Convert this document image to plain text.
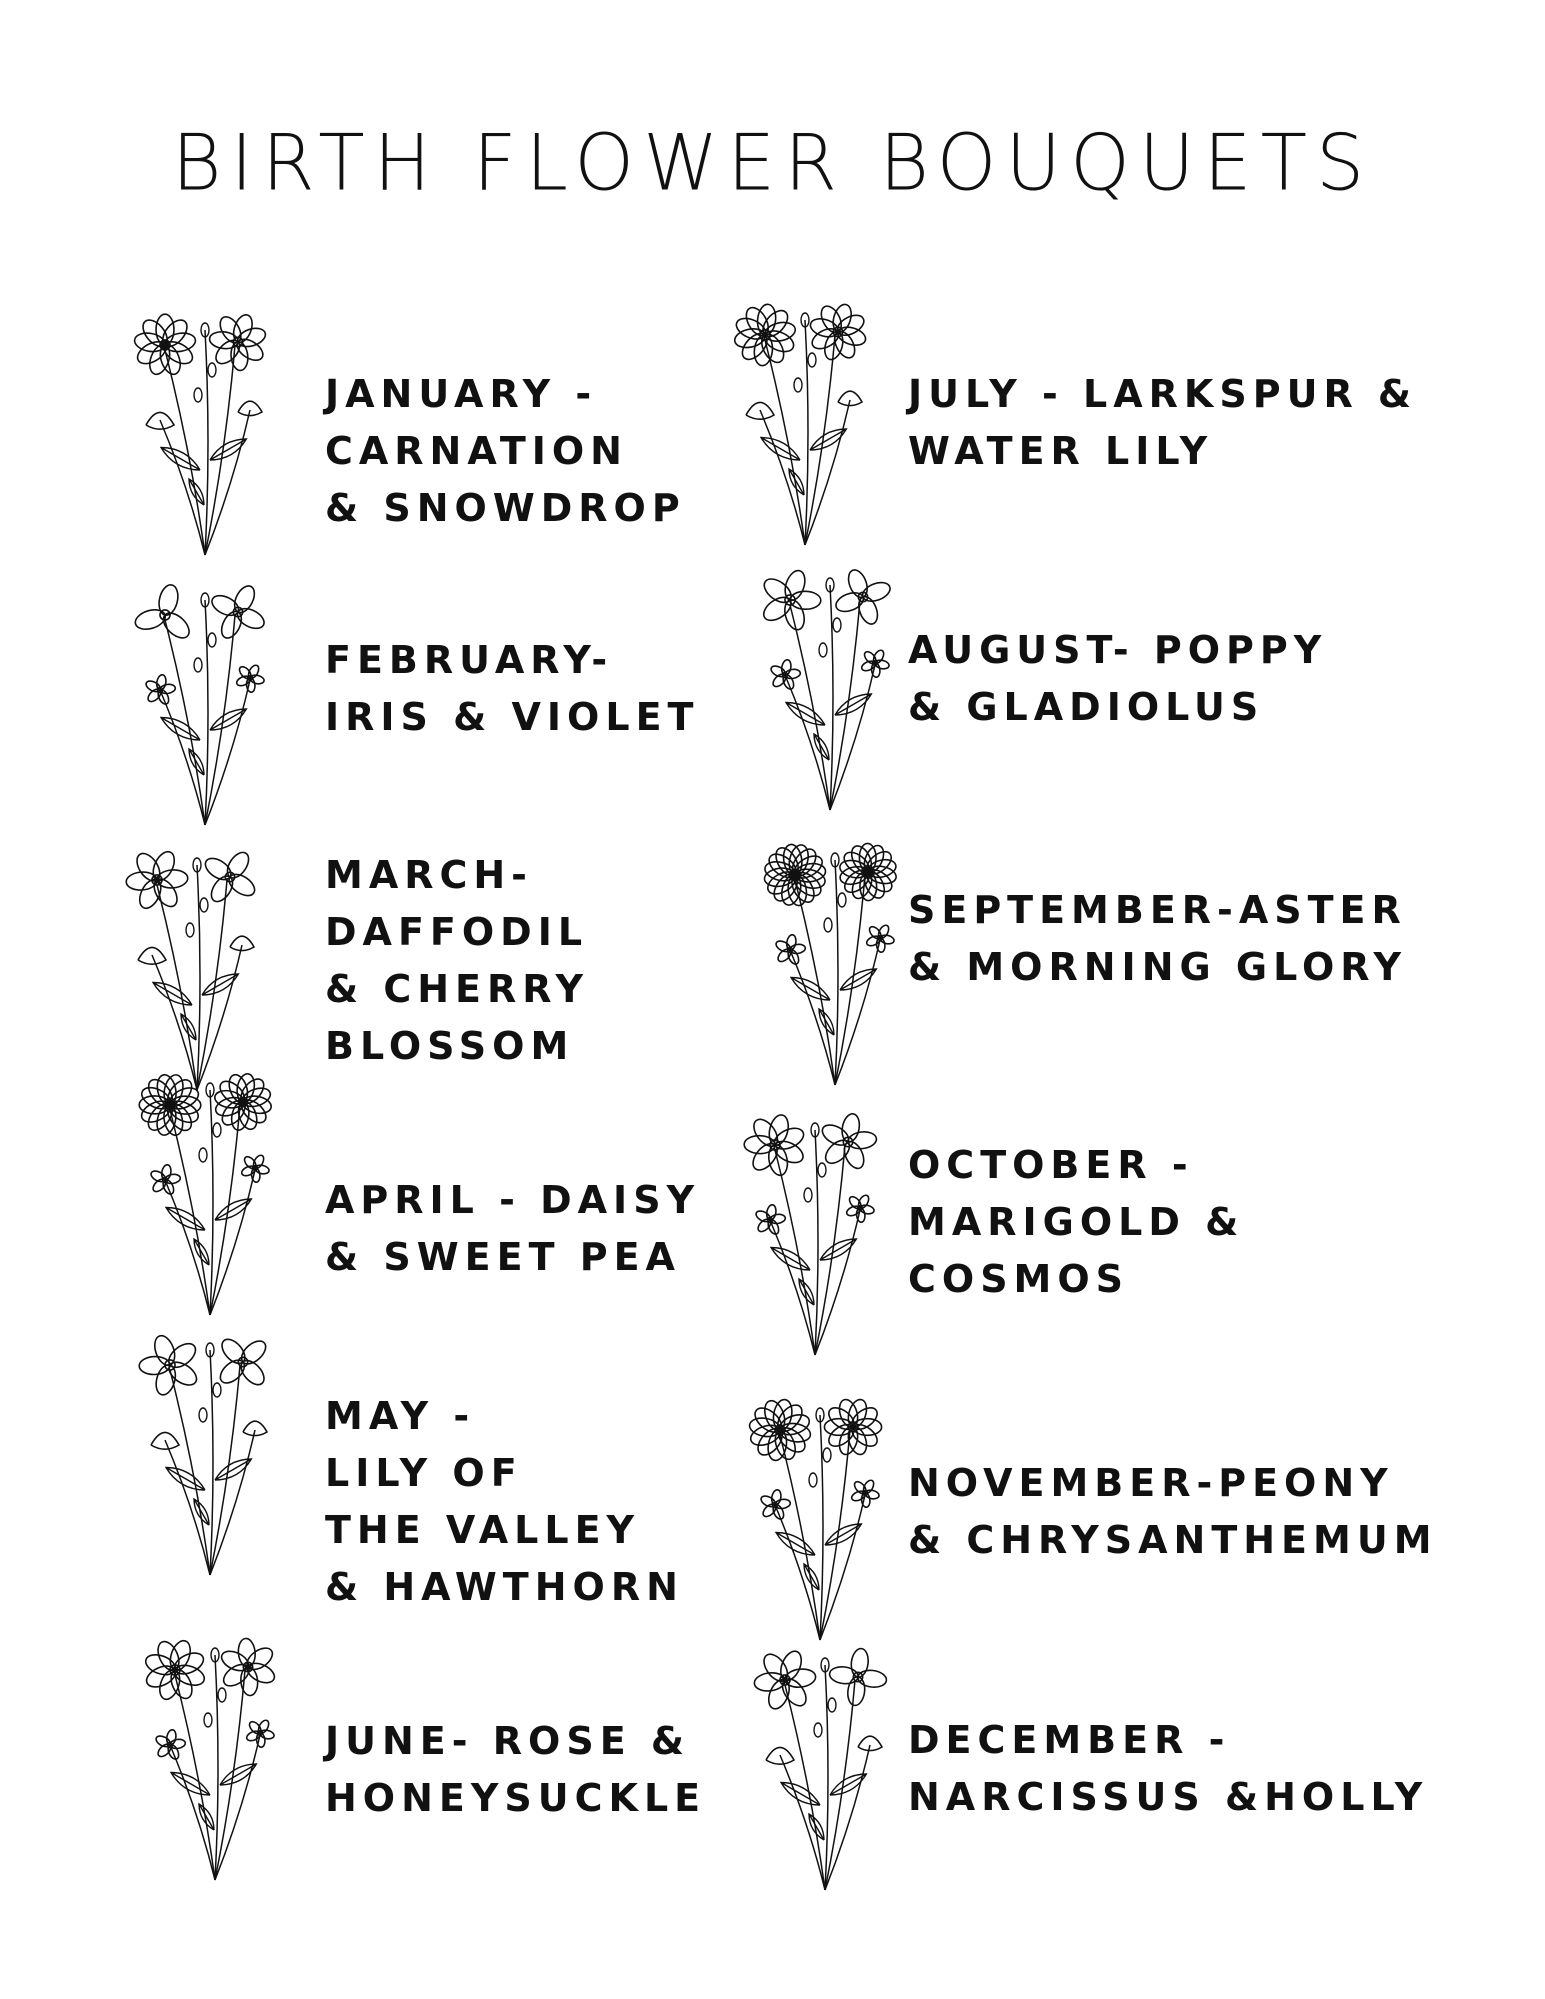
BIRTH FLOWER BOUQUETS
JANUARY -
CARNATION
& SNOWDROP
FEBRUARY-
IRIS & VIOLET
MARCH-
DAFFODIL
& CHERRY
BLOSSOM
APRIL - DAISY
& SWEET PEA
MAY -
LILY OF
THE VALLEY
& HAWTHORN
JUNE- ROSE &
HONEYSUCKLE
JULY - LARKSPUR &
WATER LILY
AUGUST- POPPY
& GLADIOLUS
SEPTEMBER-ASTER
& MORNING GLORY
OCTOBER -
MARIGOLD &
COSMOS
NOVEMBER-PEONY
& CHRYSANTHEMUM
DECEMBER -
NARCISSUS &HOLLY
